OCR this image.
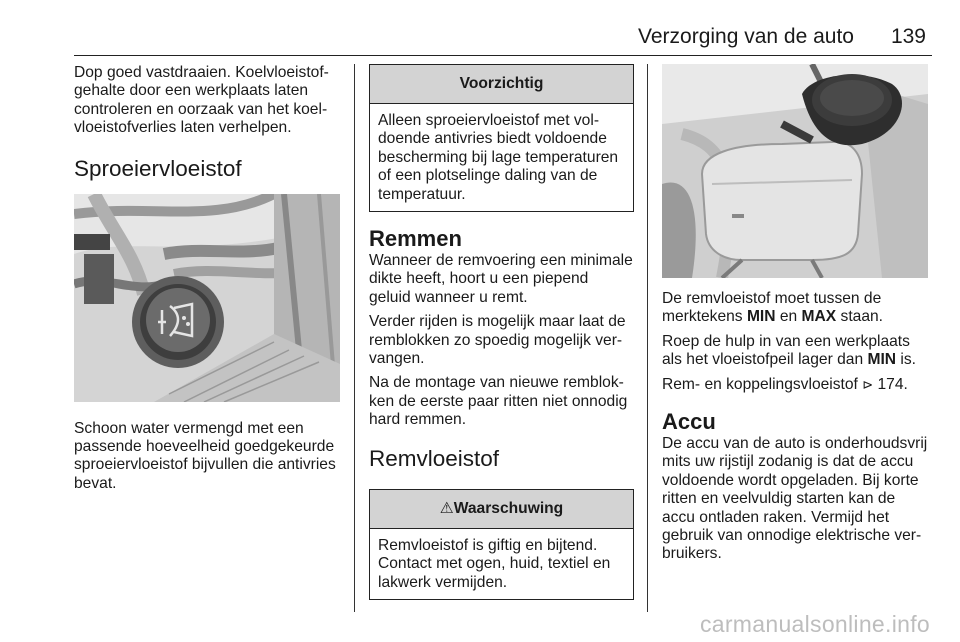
Verzorging van de auto 139

Dop goed vastdraaien. Koelvloeistofgehalte door een werkplaats laten controleren en oorzaak van het koelvloeistofverlies laten verhelpen.

Sproeiervloeistof

Schoon water vermengd met een passende hoeveelheid goedgekeurde sproeiervloeistof bijvullen die antivries bevat.

Voorzichtig

Alleen sproeiervloeistof met voldoende antivries biedt voldoende bescherming bij lage temperaturen of een plotselinge daling van de temperatuur.

Remmen

Wanneer de remvoering een minimale dikte heeft, hoort u een piepend geluid wanneer u remt.

Verder rijden is mogelijk maar laat de remblokken zo spoedig mogelijk vervangen.

Na de montage van nieuwe remblokken de eerste paar ritten niet onnodig hard remmen.

Remvloeistof
⚠Waarschuwing

Remvloeistof is giftig en bijtend. Contact met ogen, huid, textiel en lakwerk vermijden.

De remvloeistof moet tussen de merktekens MIN en MAX staan.

Roep de hulp in van een werkplaats als het vloeistofpeil lager dan MIN is.

Rem- en koppelingsvloeistof ⊳ 174.

Accu

De accu van de auto is onderhoudsvrij mits uw rijstijl zodanig is dat de accu voldoende wordt opgeladen. Bij korte ritten en veelvuldig starten kan de accu ontladen raken. Vermijd het gebruik van onnodige elektrische verbruikers.

carmanualsonline.info
